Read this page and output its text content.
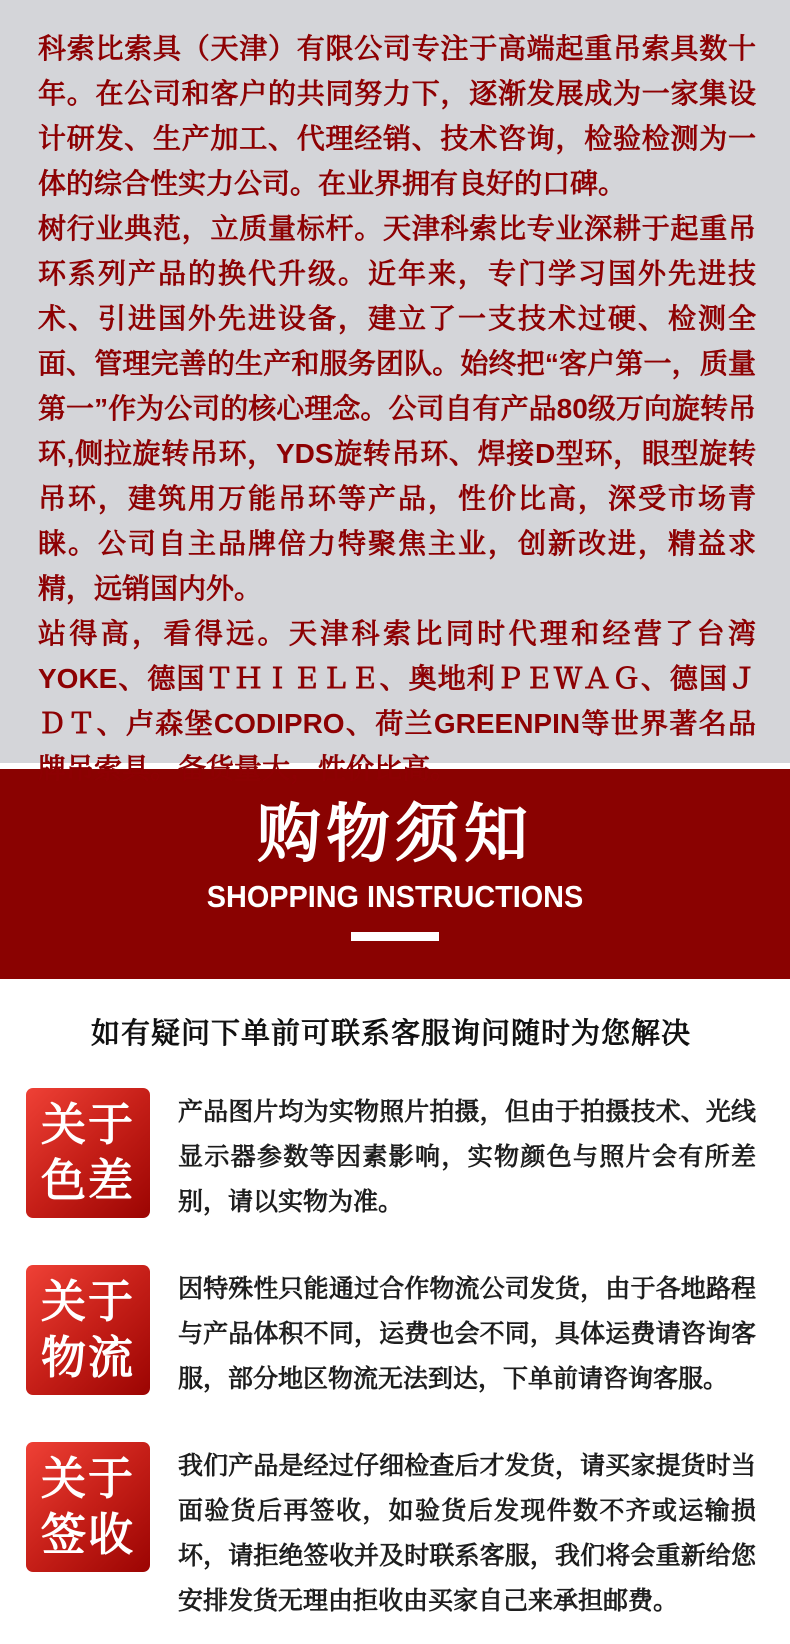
科索比索具（天津）有限公司专注于高端起重吊索具数十年。在公司和客户的共同努力下，逐渐发展成为一家集设计研发、生产加工、代理经销、技术咨询，检验检测为一体的综合性实力公司。在业界拥有良好的口碑。

树行业典范，立质量标杆。天津科索比专业深耕于起重吊环系列产品的换代升级。近年来，专门学习国外先进技术、引进国外先进设备，建立了一支技术过硬、检测全面、管理完善的生产和服务团队。始终把“客户第一，质量第一”作为公司的核心理念。公司自有产品80级万向旋转吊环,侧拉旋转吊环，YDS旋转吊环、焊接D型环，眼型旋转吊环，建筑用万能吊环等产品，性价比高，深受市场青睐。公司自主品牌倍力特聚焦主业，创新改进，精益求精，远销国内外。

站得高，看得远。天津科索比同时代理和经营了台湾YOKE、德国ＴＨＩＥＬＥ、奥地利ＰＥＷＡＧ、德国ＪＤＴ、卢森堡CODIPRO、荷兰GREENPIN等世界著名品牌吊索具。备货量大，性价比高。

购物须知
SHOPPING INSTRUCTIONS
如有疑问下单前可联系客服询问随时为您解决
关于
色差

产品图片均为实物照片拍摄，但由于拍摄技术、光线显示器参数等因素影响，实物颜色与照片会有所差别，请以实物为准。

关于
物流

因特殊性只能通过合作物流公司发货，由于各地路程与产品体积不同，运费也会不同，具体运费请咨询客服，部分地区物流无法到达，下单前请咨询客服。

关于
签收

我们产品是经过仔细检查后才发货，请买家提货时当面验货后再签收，如验货后发现件数不齐或运输损坏，请拒绝签收并及时联系客服，我们将会重新给您安排发货无理由拒收由买家自己来承担邮费。
